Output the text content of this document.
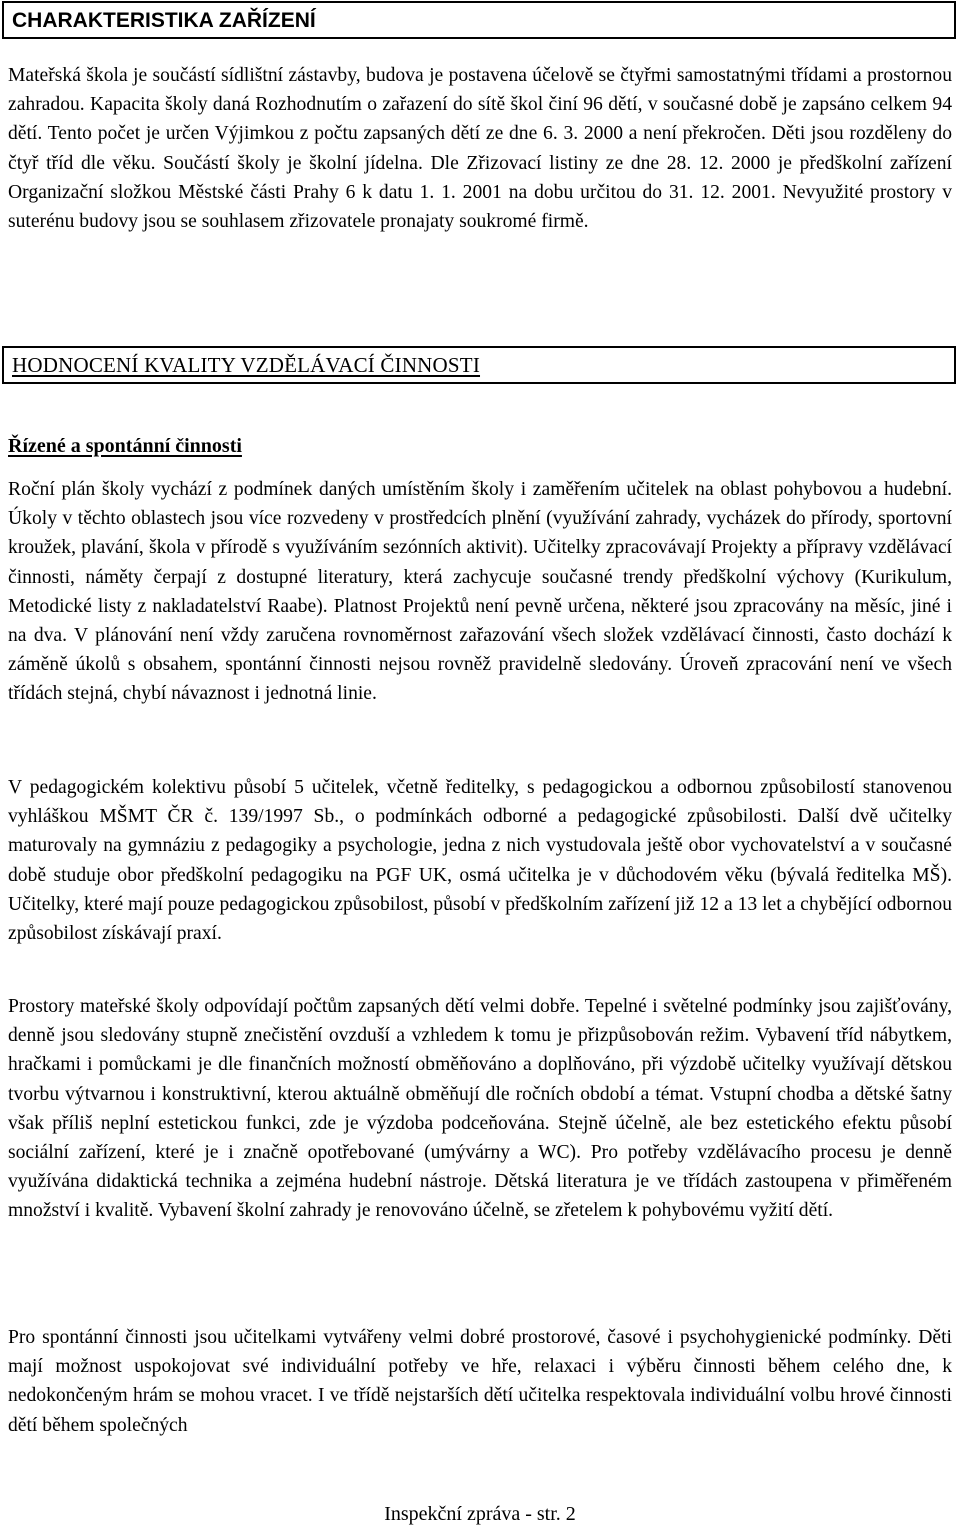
CHARAKTERISTIKA ZAŘÍZENÍ

Mateřská škola je součástí sídlištní zástavby, budova je postavena účelově se čtyřmi samostatnými třídami a prostornou zahradou. Kapacita školy daná Rozhodnutím o zařazení do sítě škol činí 96 dětí, v současné době je zapsáno celkem 94 dětí. Tento počet je určen Výjimkou z počtu zapsaných dětí ze dne 6. 3. 2000 a není překročen. Děti jsou rozděleny do čtyř tříd dle věku. Součástí školy je školní jídelna. Dle Zřizovací listiny ze dne 28. 12. 2000 je předškolní zařízení Organizační složkou Městské části Prahy 6 k datu 1. 1. 2001 na dobu určitou do 31. 12. 2001. Nevyužité prostory v suterénu budovy jsou se souhlasem zřizovatele pronajaty soukromé firmě.

HODNOCENÍ KVALITY VZDĚLÁVACÍ ČINNOSTI

Řízené a spontánní činnosti

Roční plán školy vychází z podmínek daných umístěním školy i zaměřením učitelek na oblast pohybovou a hudební. Úkoly v těchto oblastech jsou více rozvedeny v prostředcích plnění (využívání zahrady, vycházek do přírody, sportovní kroužek, plavání, škola v přírodě s využíváním sezónních aktivit). Učitelky zpracovávají Projekty a přípravy vzdělávací činnosti, náměty čerpají z dostupné literatury, která zachycuje současné trendy předškolní výchovy (Kurikulum, Metodické listy z nakladatelství Raabe). Platnost Projektů není pevně určena, některé jsou zpracovány na měsíc, jiné i na dva. V plánování není vždy zaručena rovnoměrnost zařazování všech složek vzdělávací činnosti, často dochází k záměně úkolů s obsahem, spontánní činnosti nejsou rovněž pravidelně sledovány. Úroveň zpracování není ve všech třídách stejná, chybí návaznost i jednotná linie.

V pedagogickém kolektivu působí 5 učitelek, včetně ředitelky, s pedagogickou a odbornou způsobilostí stanovenou vyhláškou MŠMT ČR č. 139/1997 Sb., o podmínkách odborné a pedagogické způsobilosti. Další dvě učitelky maturovaly na gymnáziu z pedagogiky a psychologie, jedna z nich vystudovala ještě obor vychovatelství a v současné době studuje obor předškolní pedagogiku na PGF UK, osmá učitelka je v důchodovém věku (bývalá ředitelka MŠ). Učitelky, které mají pouze pedagogickou způsobilost, působí v předškolním zařízení již 12 a 13 let a chybějící odbornou způsobilost získávají praxí.

Prostory mateřské školy odpovídají počtům zapsaných dětí velmi dobře. Tepelné i světelné podmínky jsou zajišťovány, denně jsou sledovány stupně znečistění ovzduší a vzhledem k tomu je přizpůsobován režim. Vybavení tříd nábytkem, hračkami i pomůckami je dle finančních možností obměňováno a doplňováno, při výzdobě učitelky využívají dětskou tvorbu výtvarnou i konstruktivní, kterou aktuálně obměňují dle ročních období a témat. Vstupní chodba a dětské šatny však příliš neplní estetickou funkci, zde je výzdoba podceňována. Stejně účelně, ale bez estetického efektu působí sociální zařízení, které je i značně opotřebované (umývárny a WC). Pro potřeby vzdělávacího procesu je denně využívána didaktická technika a zejména hudební nástroje. Dětská literatura je ve třídách zastoupena v přiměřeném množství i kvalitě. Vybavení školní zahrady je renovováno účelně, se zřetelem k pohybovému vyžití dětí.

Pro spontánní činnosti jsou učitelkami vytvářeny velmi dobré prostorové, časové i psychohygienické podmínky. Děti mají možnost uspokojovat své individuální potřeby ve hře, relaxaci i výběru činnosti během celého dne, k nedokončeným hrám se mohou vracet. I ve třídě nejstarších dětí učitelka respektovala individuální volbu hrové činnosti dětí během společných

Inspekční zpráva - str. 2
